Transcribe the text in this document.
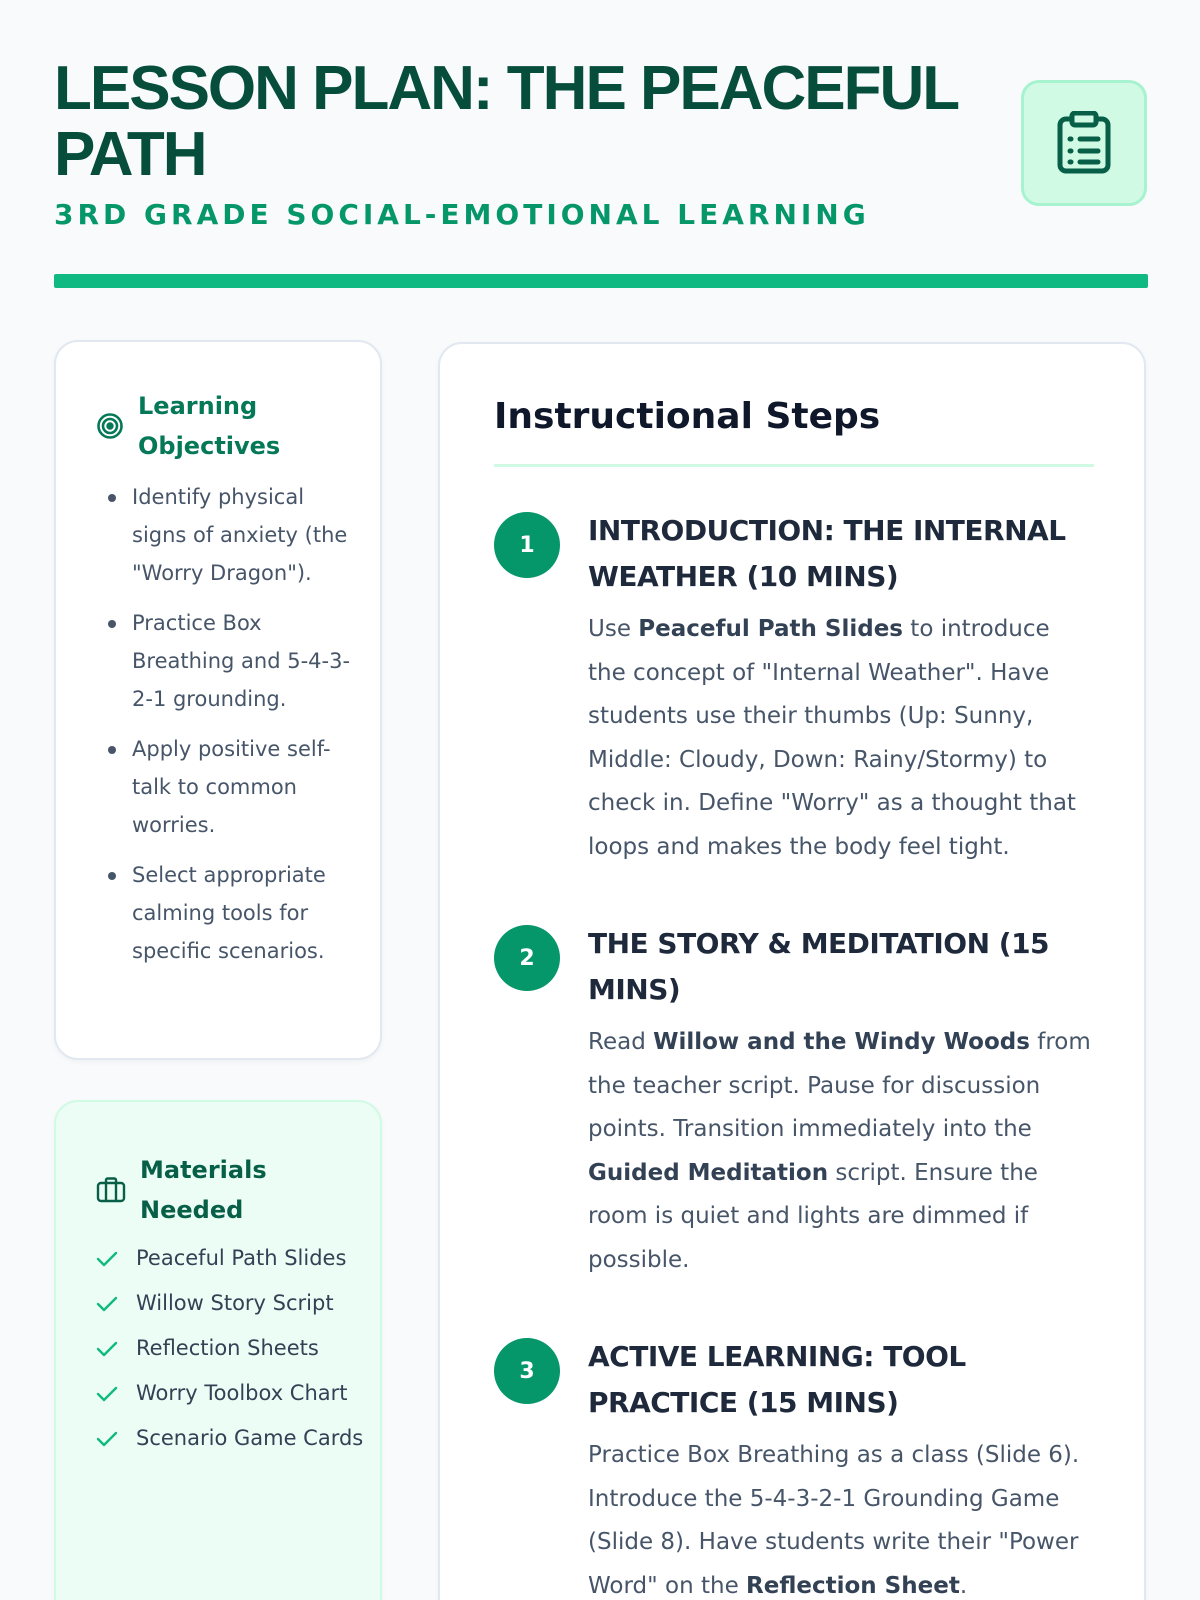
LESSON PLAN: THE PEACEFUL PATH
3RD GRADE SOCIAL-EMOTIONAL LEARNING
Learning Objectives
Identify physical signs of anxiety (the "Worry Dragon").
Practice Box Breathing and 5-4-3-2-1 grounding.
Apply positive self-talk to common worries.
Select appropriate calming tools for specific scenarios.
Materials Needed
Peaceful Path Slides
Willow Story Script
Reflection Sheets
Worry Toolbox Chart
Scenario Game Cards
Instructional Steps
1	INTRODUCTION: THE INTERNAL WEATHER (10 MINS)

Use Peaceful Path Slides to introduce the concept of "Internal Weather". Have students use their thumbs (Up: Sunny, Middle: Cloudy, Down: Rainy/Stormy) to check in. Define "Worry" as a thought that loops and makes the body feel tight.

2	THE STORY & MEDITATION (15 MINS)

Read Willow and the Windy Woods from the teacher script. Pause for discussion points. Transition immediately into the Guided Meditation script. Ensure the room is quiet and lights are dimmed if possible.

3	ACTIVE LEARNING: TOOL PRACTICE (15 MINS)

Practice Box Breathing as a class (Slide 6). Introduce the 5-4-3-2-1 Grounding Game (Slide 8). Have students write their "Power Word" on the Reflection Sheet.
